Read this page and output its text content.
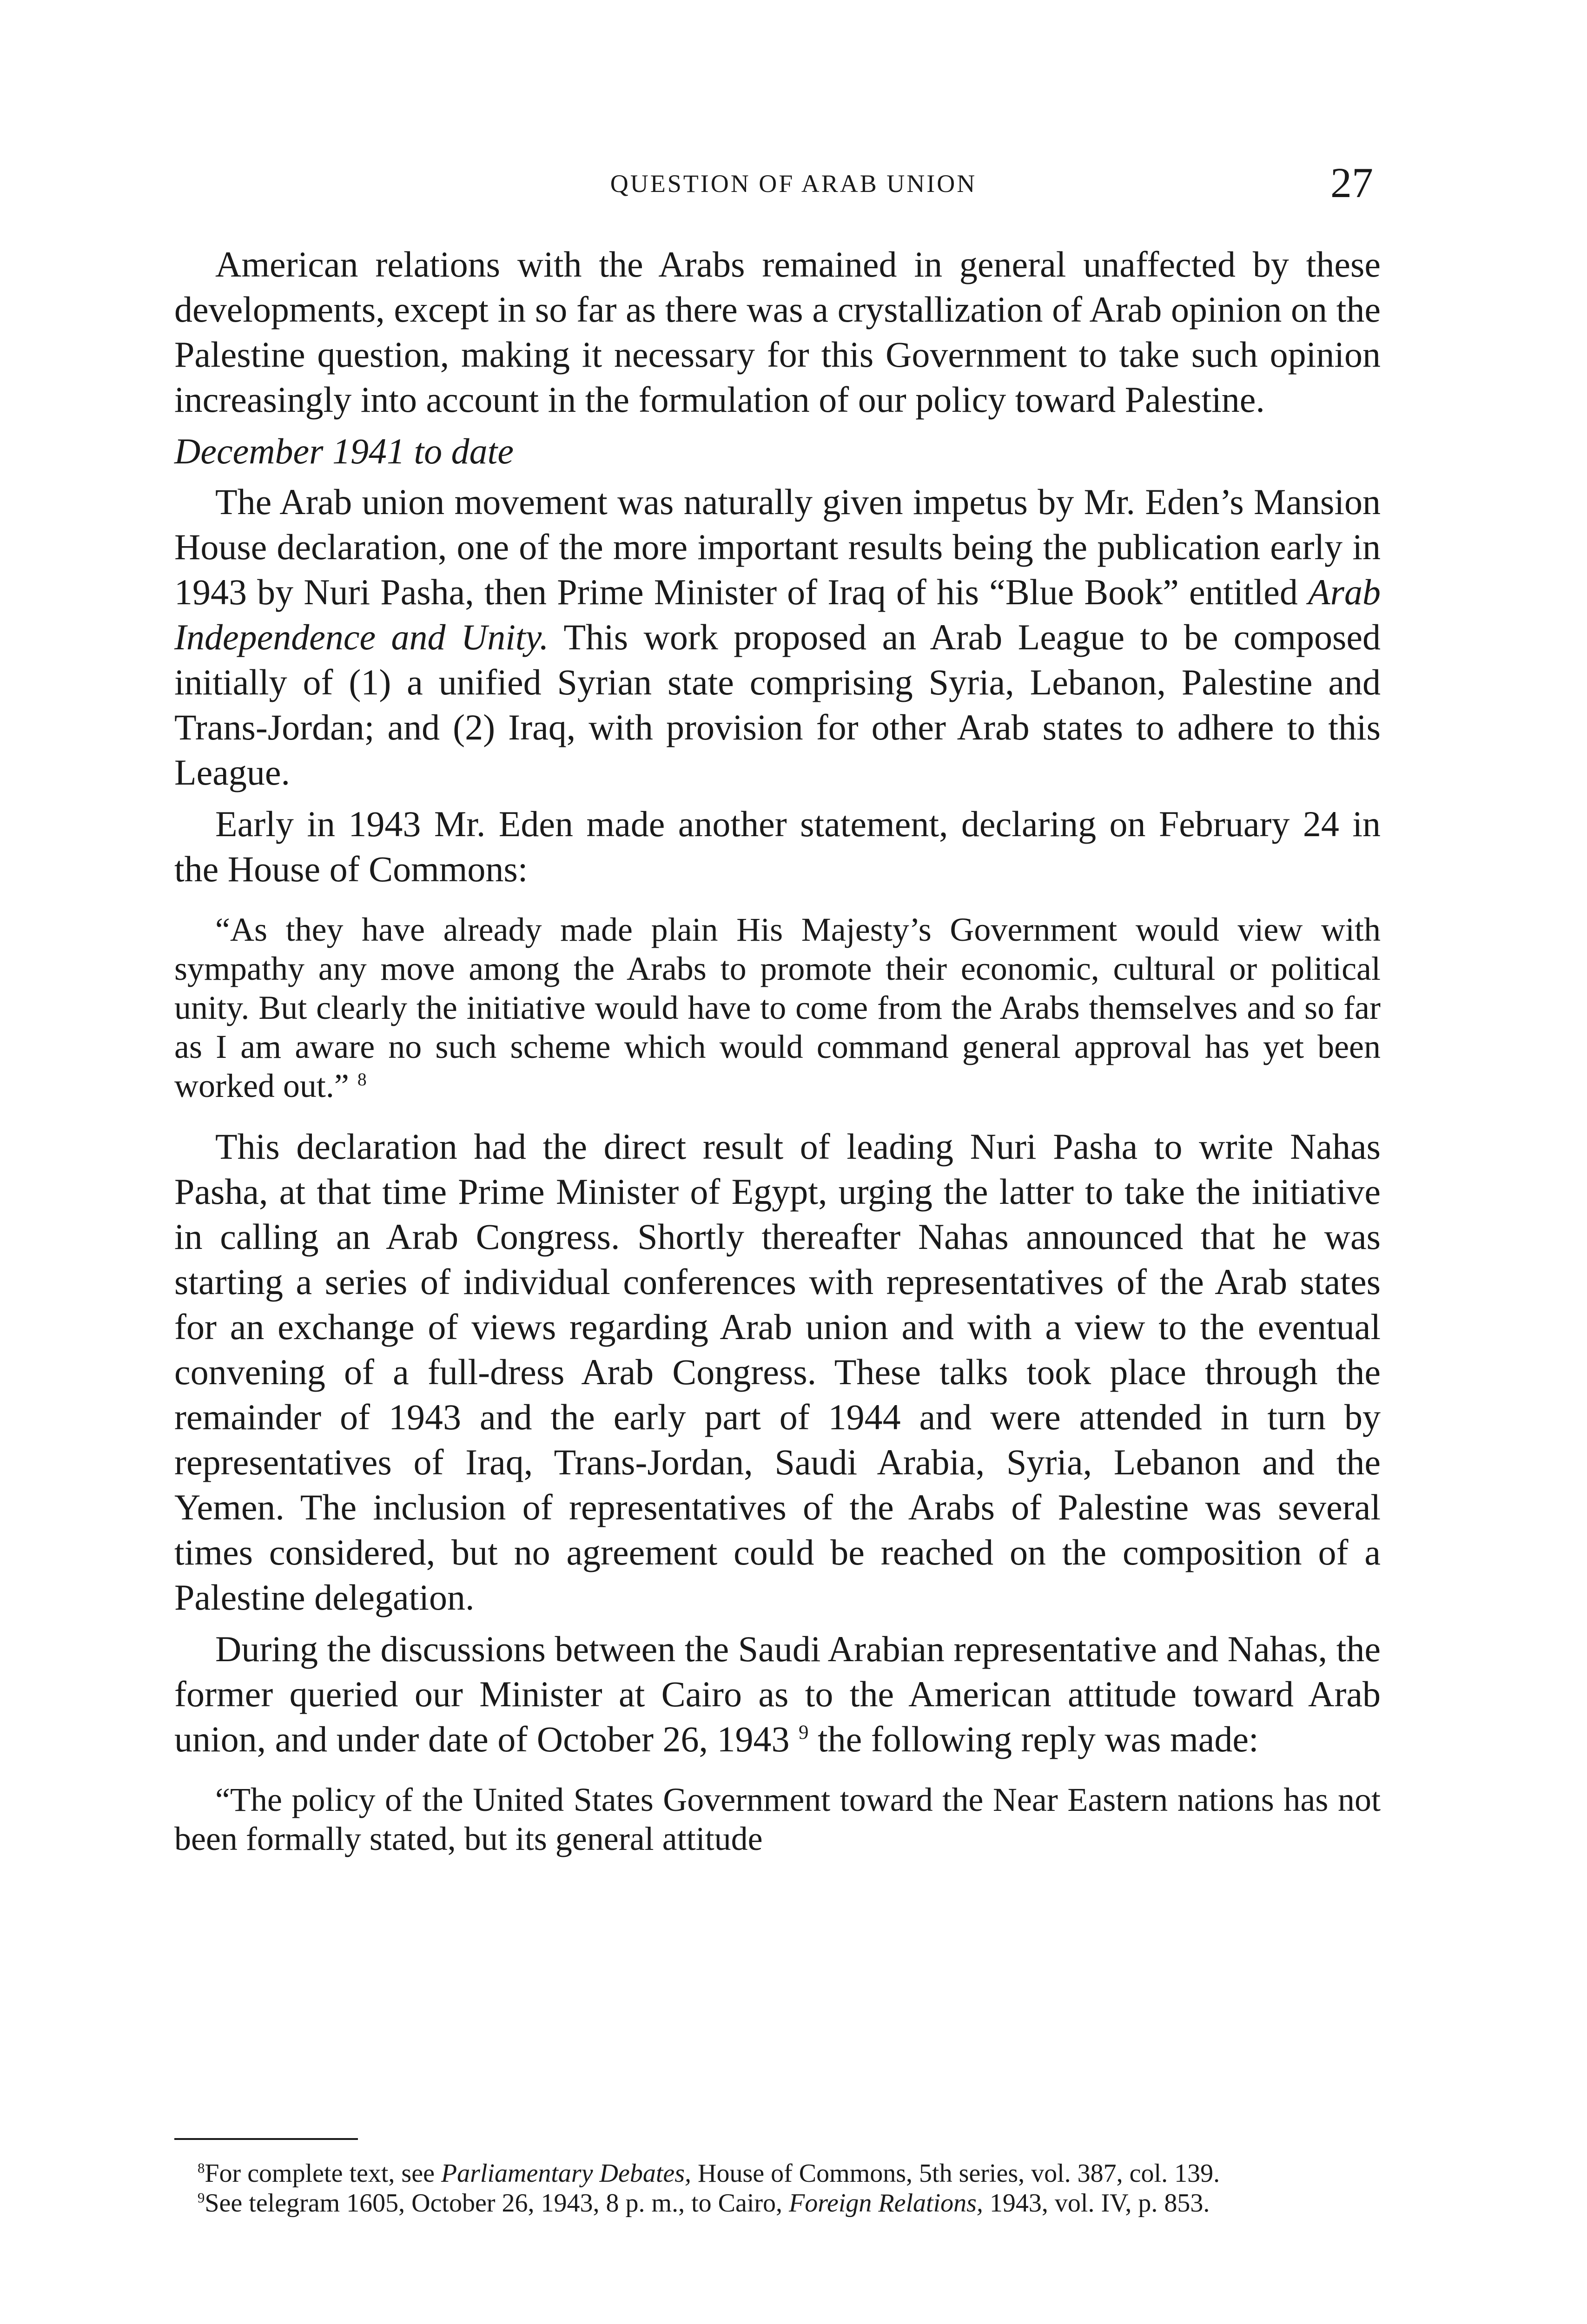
QUESTION OF ARAB UNION	27

American relations with the Arabs remained in general unaffected by these developments, except in so far as there was a crystallization of Arab opinion on the Palestine question, making it necessary for this Government to take such opinion increasingly into account in the formulation of our policy toward Palestine.

December 1941 to date

The Arab union movement was naturally given impetus by Mr. Eden’s Mansion House declaration, one of the more important results being the publication early in 1943 by Nuri Pasha, then Prime Minister of Iraq of his “Blue Book” entitled Arab Independence and Unity. This work proposed an Arab League to be composed initially of (1) a unified Syrian state comprising Syria, Lebanon, Palestine and Trans-Jordan; and (2) Iraq, with provision for other Arab states to adhere to this League.

Early in 1943 Mr. Eden made another statement, declaring on February 24 in the House of Commons:

“As they have already made plain His Majesty’s Government would view with sympathy any move among the Arabs to promote their economic, cultural or political unity. But clearly the initiative would have to come from the Arabs themselves and so far as I am aware no such scheme which would command general approval has yet been worked out.” $^8$

This declaration had the direct result of leading Nuri Pasha to write Nahas Pasha, at that time Prime Minister of Egypt, urging the latter to take the initiative in calling an Arab Congress. Shortly thereafter Nahas announced that he was starting a series of individual conferences with representatives of the Arab states for an exchange of views regarding Arab union and with a view to the eventual convening of a full-dress Arab Congress. These talks took place through the remainder of 1943 and the early part of 1944 and were attended in turn by representatives of Iraq, Trans-Jordan, Saudi Arabia, Syria, Lebanon and the Yemen. The inclusion of representatives of the Arabs of Palestine was several times considered, but no agreement could be reached on the composition of a Palestine delegation.

During the discussions between the Saudi Arabian representative and Nahas, the former queried our Minister at Cairo as to the American attitude toward Arab union, and under date of October 26, 1943 $^9$ the following reply was made:

“The policy of the United States Government toward the Near Eastern nations has not been formally stated, but its general attitude

$^8$For complete text, see Parliamentary Debates, House of Commons, 5th series, vol. 387, col. 139.

$^9$See telegram 1605, October 26, 1943, 8 p. m., to Cairo, Foreign Relations, 1943, vol. IV, p. 853.
